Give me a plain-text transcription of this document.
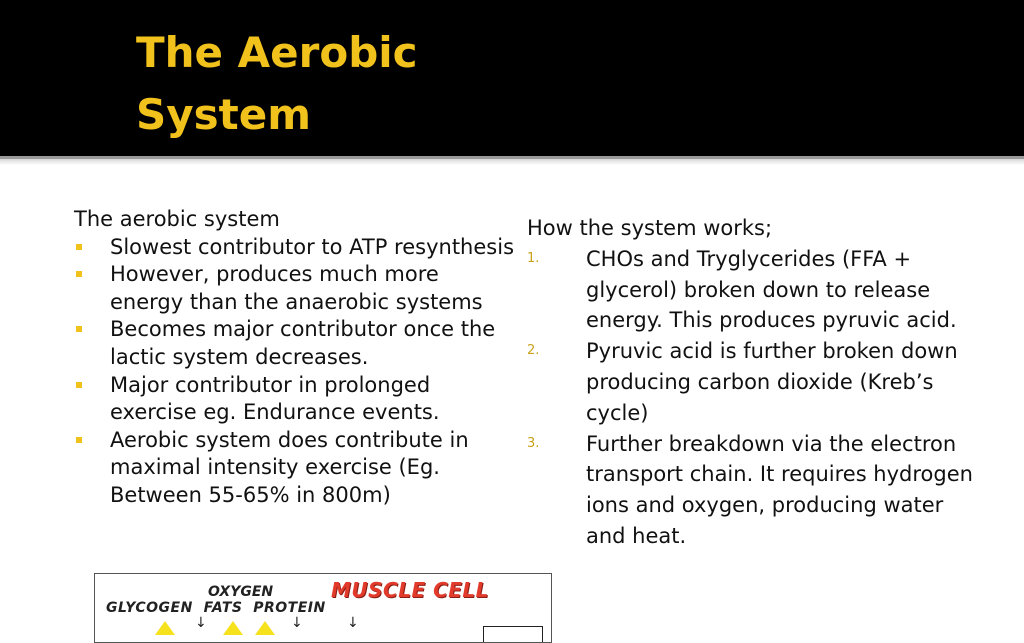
The Aerobic
System
The aerobic system
Slowest contributor to ATP resynthesis
However, produces much more energy than the anaerobic systems
Becomes major contributor once the lactic system decreases.
Major contributor in prolonged exercise eg. Endurance events.
Aerobic system does contribute in maximal intensity exercise (Eg. Between 55-65% in 800m)
How the system works;
1. CHOs and Tryglycerides (FFA + glycerol) broken down to release energy. This produces pyruvic acid.
2. Pyruvic acid is further broken down producing carbon dioxide (Kreb’s cycle)
3. Further breakdown via the electron transport chain. It requires hydrogen ions and oxygen, producing water and heat.
OXYGEN
GLYCOGEN  FATS  PROTEIN
MUSCLE CELL
↓	↓	↓
